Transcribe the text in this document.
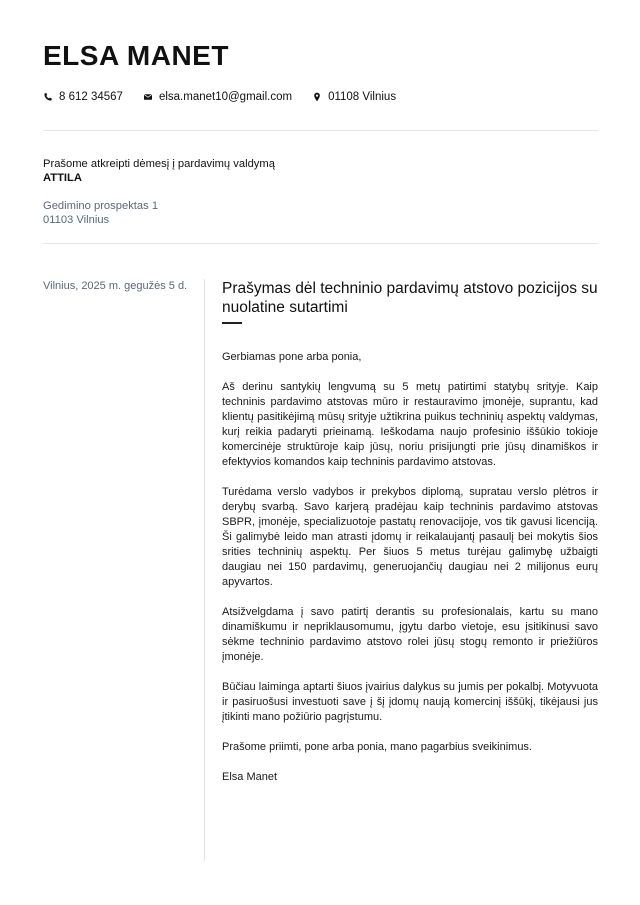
ELSA MANET
8 612 34567	elsa.manet10@gmail.com	01108 Vilnius
Prašome atkreipti dėmesį į pardavimų valdymą
ATTILA
Gedimino prospektas 1
01103 Vilnius
Vilnius, 2025 m. gegužės 5 d. Prašymas dėl techninio pardavimų atstovo pozicijos su nuolatine sutartimi
Gerbiamas pone arba ponia,

Aš derinu santykių lengvumą su 5 metų patirtimi statybų srityje. Kaip techninis pardavimo atstovas mūro ir restauravimo įmonėje, suprantu, kad klientų pasitikėjimą mūsų srityje užtikrina puikus techninių aspektų valdymas, kurį reikia padaryti prieinamą. Ieškodama naujo profesinio iššūkio tokioje komercinėje struktūroje kaip jūsų, noriu prisijungti prie jūsų dinamiškos ir efektyvios komandos kaip techninis pardavimo atstovas.

Turėdama verslo vadybos ir prekybos diplomą, supratau verslo plėtros ir derybų svarbą. Savo karjerą pradėjau kaip techninis pardavimo atstovas SBPR, įmonėje, specializuotoje pastatų renovacijoje, vos tik gavusi licenciją. Ši galimybė leido man atrasti įdomų ir reikalaujantį pasaulį bei mokytis šios srities techninių aspektų. Per šiuos 5 metus turėjau galimybę užbaigti daugiau nei 150 pardavimų, generuojančių daugiau nei 2 milijonus eurų apyvartos.

Atsižvelgdama į savo patirtį derantis su profesionalais, kartu su mano dinamiškumu ir nepriklausomumu, įgytu darbo vietoje, esu įsitikinusi savo sėkme techninio pardavimo atstovo rolei jūsų stogų remonto ir priežiūros įmonėje.

Būčiau laiminga aptarti šiuos įvairius dalykus su jumis per pokalbį. Motyvuota ir pasiruošusi investuoti save į šį įdomų naują komercinį iššūkį, tikėjausi jus įtikinti mano požiūrio pagrįstumu.

Prašome priimti, pone arba ponia, mano pagarbius sveikinimus.
Elsa Manet
